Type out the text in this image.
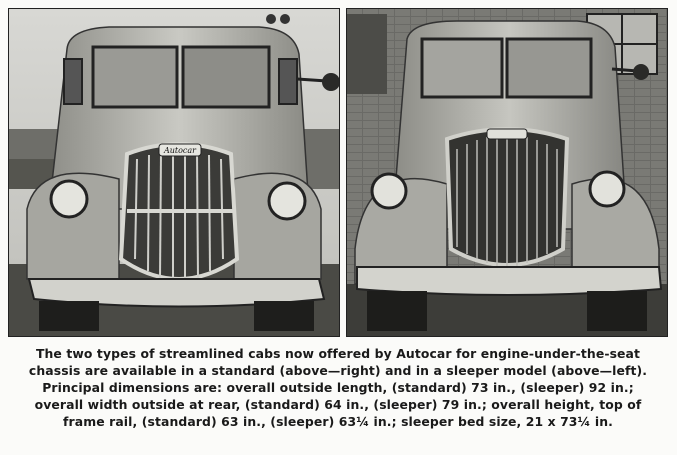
Autocar
The two types of streamlined cabs now offered by Autocar for engine-under-the-seat
chassis are available in a standard (above—right) and in a sleeper model (above—left).
Principal dimensions are: overall outside length, (standard) 73 in., (sleeper) 92 in.;
overall width outside at rear, (standard) 64 in., (sleeper) 79 in.; overall height, top of
frame rail, (standard) 63 in., (sleeper) 63¼ in.; sleeper bed size, 21 x 73¼ in.
